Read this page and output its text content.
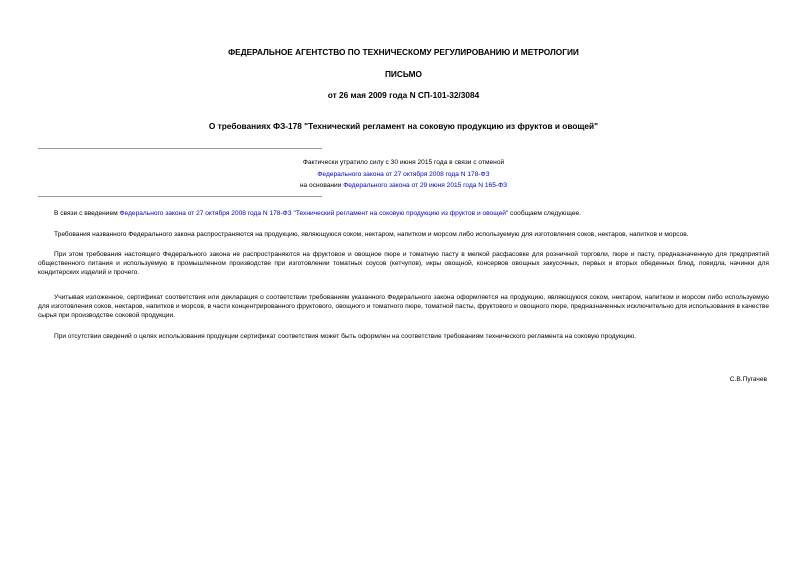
ФЕДЕРАЛЬНОЕ АГЕНТСТВО ПО ТЕХНИЧЕСКОМУ РЕГУЛИРОВАНИЮ И МЕТРОЛОГИИ
ПИСЬМО
от 26 мая 2009 года N СП-101-32/3084
О требованиях ФЗ-178 "Технический регламент на соковую продукцию из фруктов и овощей"
Фактически утратило силу с 30 июня 2015 года в связи с отменой
Федерального закона от 27 октября 2008 года N 178-ФЗ
на основании Федерального закона от 29 июня 2015 года N 165-ФЗ

В связи с введением Федерального закона от 27 октября 2008 года N 178-ФЗ "Технический регламент на соковую продукцию из фруктов и овощей" сообщаем следующее.

Требования названного Федерального закона распространяются на продукцию, являющуюся соком, нектаром, напитком и морсом либо используемую для изготовления соков, нектаров, напитков и морсов.

При этом требования настоящего Федерального закона не распространяются на фруктовое и овощное пюре и томатную пасту в мелкой расфасовке для розничной торговли, пюре и пасту, предназначенную для предприятий общественного питания и используемую в промышленном производстве при изготовлении томатных соусов (кетчупов), икры овощной, консервов овощных закусочных, первых и вторых обеденных блюд, повидла, начинки для кондитерских изделий и прочего.

Учитывая изложенное, сертификат соответствия или декларация о соответствии требованиям указанного Федерального закона оформляется на продукцию, являющуюся соком, нектаром, напитком и морсом либо используемую для изготовления соков, нектаров, напитков и морсов, в части концентрированного фруктового, овощного и томатного пюре, томатной пасты, фруктового и овощного пюре, предназначенных исключительно для использования в качестве сырья при производстве соковой продукции.

При отсутствии сведений о целях использования продукции сертификат соответствия может быть оформлен на соответствие требованиям технического регламента на соковую продукцию.

С.В.Пугачев
